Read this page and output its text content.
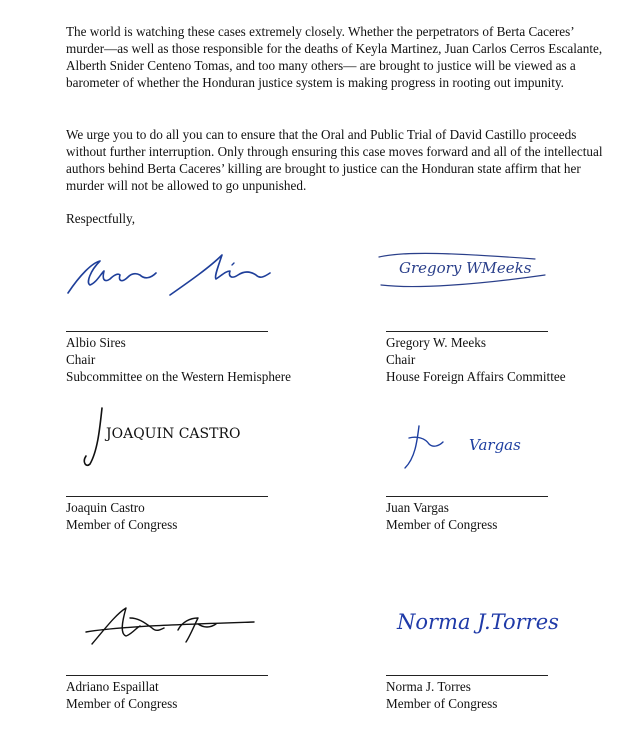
The world is watching these cases extremely closely. Whether the perpetrators of Berta Caceres’ murder—as well as those responsible for the deaths of Keyla Martinez, Juan Carlos Cerros Escalante, Alberth Snider Centeno Tomas, and too many others— are brought to justice will be viewed as a barometer of whether the Honduran justice system is making progress in rooting out impunity.

We urge you to do all you can to ensure that the Oral and Public Trial of David Castillo proceeds without further interruption. Only through ensuring this case moves forward and all of the intellectual authors behind Berta Caceres’ killing are brought to justice can the Honduran state affirm that her murder will not be allowed to go unpunished.

Respectfully,

Gregory WMeeks
JOAQUIN CASTRO
Vargas
Norma J.Torres
Albio Sires
Chair
Subcommittee on the Western Hemisphere
Gregory W. Meeks
Chair
House Foreign Affairs Committee
Joaquin Castro
Member of Congress
Juan Vargas
Member of Congress
Adriano Espaillat
Member of Congress
Norma J. Torres
Member of Congress
